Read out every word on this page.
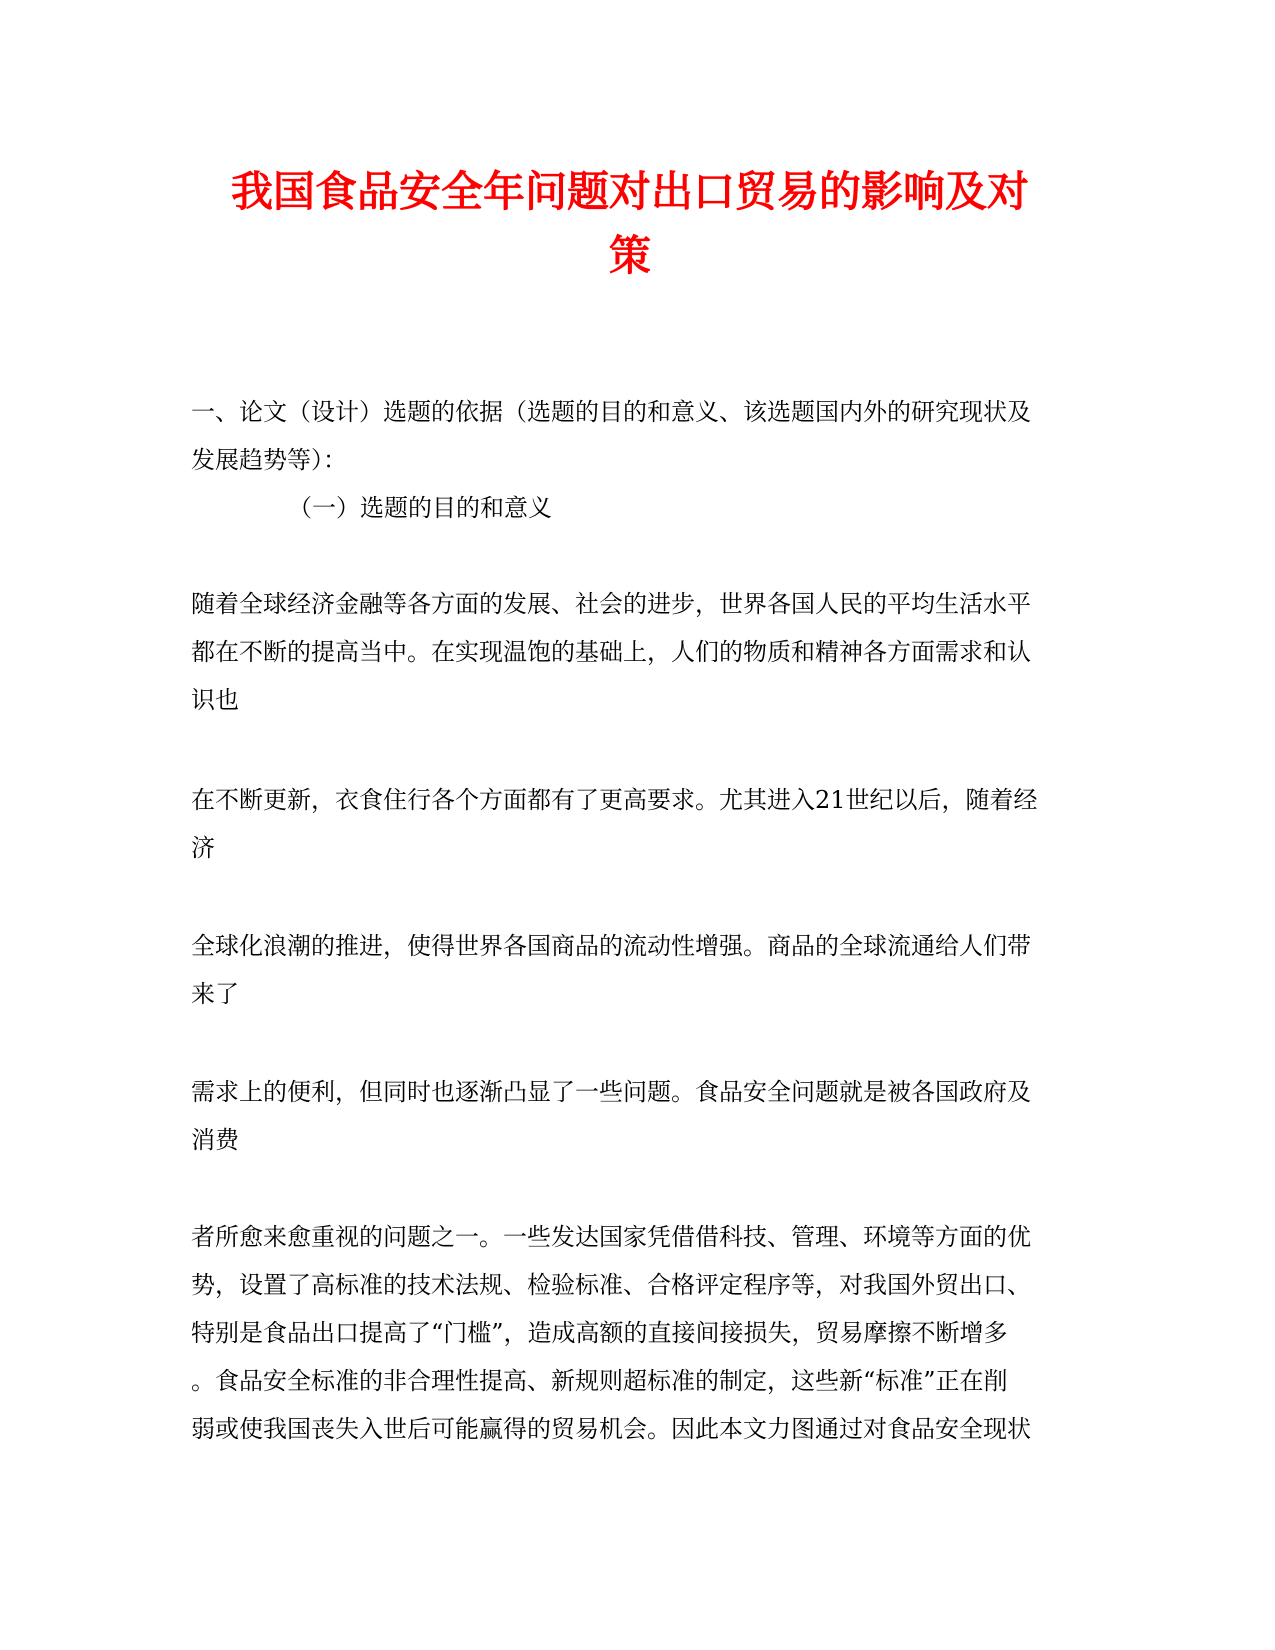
我国食品安全年问题对出口贸易的影响及对
策

一、论文（设计）选题的依据（选题的目的和意义、该选题国内外的研究现状及
发展趋势等）：

（一）选题的目的和意义

随着全球经济金融等各方面的发展、社会的进步，世界各国人民的平均生活水平
都在不断的提高当中。在实现温饱的基础上，人们的物质和精神各方面需求和认
识也

在不断更新，衣食住行各个方面都有了更高要求。尤其进入21世纪以后，随着经
济

全球化浪潮的推进，使得世界各国商品的流动性增强。商品的全球流通给人们带
来了

需求上的便利，但同时也逐渐凸显了一些问题。食品安全问题就是被各国政府及
消费

者所愈来愈重视的问题之一。一些发达国家凭借借科技、管理、环境等方面的优
势，设置了高标准的技术法规、检验标准、合格评定程序等，对我国外贸出口、
特别是食品出口提高了“门槛”，造成高额的直接间接损失，贸易摩擦不断增多
。食品安全标准的非合理性提高、新规则超标准的制定，这些新“标准”正在削
弱或使我国丧失入世后可能赢得的贸易机会。因此本文力图通过对食品安全现状
